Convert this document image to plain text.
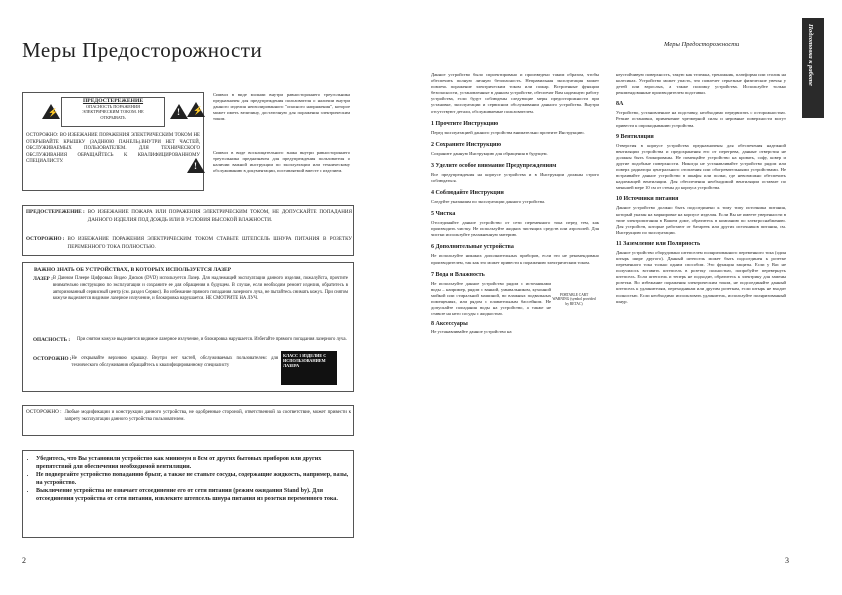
Меры Предосторожности	Меры Предосторожности	Подготовка к работе
⚡	!

ПРЕДОСТЕРЕЖЕНИЕ

ОПАСНОСТЬ ПОРАЖЕНИЯ ЭЛЕКТРИЧЕСКИМ ТОКОМ. НЕ ОТКРЫВАТЬ

ОСТОРОЖНО: ВО ИЗБЕЖАНИЕ ПОРАЖЕНИЯ ЭЛЕКТРИЧЕСКИМ ТОКОМ НЕ ОТКРЫВАЙТЕ КРЫШКУ (ЗАДНЮЮ ПАНЕЛЬ).ВНУТРИ НЕТ ЧАСТЕЙ, ОБСЛУЖИВАЕМЫХ ПОЛЬЗОВАТЕЛЕМ. ДЛЯ ТЕХНИЧЕСКОГО ОБСЛУЖИВАНИЯ ОБРАЩАЙТЕСЬ К КВАЛИФИЦИРОВАННОМУ СПЕЦИАЛИСТУ.

⚡

Символ в виде молнии внутри равностороннего треугольника предназначен для предупреждения пользователя о наличии внутри данного изделия неизолированного "опасного напряжения", которое может иметь величину, достаточную для поражения электрическим током.

!

Символ в виде восклицательного знака внутри равностороннего треугольника предназначен для предупреждения пользователя о наличии важной инструкции по эксплуатации или техническому обслуживанию в документации, поставляемой вместе с изделием.

ПРЕДОСТЕРЕЖЕНИЕ : ВО ИЗБЕЖАНИЕ ПОЖАРА ИЛИ ПОРАЖЕНИЯ ЭЛЕКТРИЧЕСКИМ ТОКОМ, НЕ ДОПУСКАЙТЕ ПОПАДАНИЯ ДАННОГО ИЗДЕЛИЯ ПОД ДОЖДЬ ИЛИ В УСЛОВИЯ ВЫСОКОЙ ВЛАЖНОСТИ.

ОСТОРОЖНО : ВО ИЗБЕЖАНИЕ ПОРАЖЕНИЯ ЭЛЕКТРИЧЕСКИМ ТОКОМ СТАВЬТЕ ШТЕПСЕЛЬ ШНУРА ПИТАНИЯ В РОЗЕТКУ ПЕРЕМЕННОГО ТОКА ПОЛНОСТЬЮ.

ВАЖНО ЗНАТЬ ОБ УСТРОЙСТВАХ, В КОТОРЫХ ИСПОЛЬЗУЕТСЯ ЛАЗЕР

ЛАЗЕР : В Данном Плеере Цифровых Видео Дисков (DVD) используется Лазер. Для надлежащей эксплуатации данного изделия, пожалуйста, прочтите внимательно инструкцию по эксплуатации и сохраните ее для обращения в будущем. В случае, если необходим ремонт изделия, обратитесь в авторизованный сервисный центр (см. раздел Сервис). Во избежание прямого попадания лазерного луча, не пытайтесь снимать кожух. При снятом кожухе выделяется видимое лазерное излучение, и блокировка нарушается. НЕ СМОТРИТЕ НА ЛУЧ.

ОПАСНОСТЬ :	При снятом кожухе выделяется видимое лазерное излучение, и блокировка нарушается. Избегайте прямого попадания лазерного луча.

ОСТОРОЖНО : Не открывайте верхнюю крышку. Внутри нет частей, обслуживаемых пользователем: для технического обслуживания обращайтесь к квалифицированному специалисту

КЛАСС 1 ИЗДЕЛИЕ С ИСПОЛЬЗОВАНИЕМ ЛАЗЕРА
ОСТОРОЖНО : Любые модификации и конструкции данного устройства, не одобренные стороной, ответственной за соответствие, может привести к запрету эксплуатации данного устройства пользователем.

• Убедитесь, что Вы установили устройство как минимум в 8см от других бытовых приборов или других препятствий для обеспечения необходимой вентиляции.
• Не подвергайте устройство попаданию брызг, а также не ставьте сосуды, содержащие жидкость, например, вазы, на устройство.
• Выключение устройства не означает отсоединение его от сети питания (режим ожидания Stand by). Для отсоединения устройства от сети питания, извлеките штепсель шнура питания из розетки переменного тока.
2	3

Данное устройство было спроектировано и произведено таким образом, чтобы обеспечить полную личную безопасность. Неправильная эксплуатация может повлечь поражение электрическим током или пожар. Встроенные функции безопасности, установленные в данном устройстве, обеспечат Вам надежную работу устройства, если будут соблюдены следующие меры предосторожности при установке, эксплуатации и сервисном обслуживании данного устройства. Внутри отсутствуют детали, обслуживаемые пользователем.

1 Прочтите Инструкцию

Перед эксплуатацией данного устройства внимательно прочтите Инструкцию.

2 Сохраните Инструкцию

Сохраните данную Инструкцию для обращения в будущем.

3 Уделите особое внимание Предупреждениям

Все предупреждения на корпусе устройства и в Инструкции должны строго соблюдаться.

4 Соблюдайте Инструкции

Следуйте указаниям по эксплуатации данного устройства.

5 Чистка

Отсоединяйте данное устройство от сети переменного тока перед тем, как производить чистку. Не используйте жидких чистящих средств или аэрозолей. Для чистки используйте увлажненную материю.

6 Дополнительные устройства

Не используйте никаких дополнительных приборов, если это не рекомендовано производителем, так как это может привести к поражению электрическим током.

7 Вода и Влажность

Не используйте данное устройство рядом с источниками воды – например, рядом с ванной, умывальником, кухонной мойкой или стиральной машиной, во влажных подвальных помещениях, или рядом с плавательным бассейном. Не допускайте попадания воды на устройство, а также не ставьте на него сосуды с жидкостью.

PORTABLE CART WARNING (symbol provided by RETAC)

8 Аксессуары

Не устанавливайте данное устройство на

неустойчивую поверхность, такую как тележка, треножник, платформа или столик на колесиках. Устройство может упасть, что повлечет серьезные физические увечья у детей или взрослых, а также поломку устройства. Используйте только рекомендованные производителем подставки.

8A

Устройство, установленное на подставку, необходимо передвигать с осторожностью. Резкие остановки, применение чрезмерной силы и неровные поверхности могут привести к опрокидыванию устройства.

9 Вентиляция

Отверстия в корпусе устройства предназначены для обеспечения надежной вентиляции устройства и предохранения его от перегрева, данные отверстия не должны быть блокированы. Не помещайте устройство на кровать, софу, ковер и другие подобные поверхности. Никогда не устанавливайте устройство рядом или поверх радиатора центрального отопления или обогревательными устройствами. Не встраивайте данное устройство в шкафы или полки, где невозможно обеспечить надлежащей вентиляции. Для обеспечения необходимой вентиляции оставьте по меньшей мере 10 см от стены до корпуса устройства.

10 Источники питания

Данное устройство должно быть подсоединено к тому типу источника питания, который указан на маркировке на корпусе изделия. Если Вы не имеете уверенности в типе электропитания в Вашем доме, обратитесь в компанию по электроснабжению. Для устройств, которые работают от батареек или других источников питания, см. Инструкцию по эксплуатации.

11 Заземление или Полярность

Данное устройство оборудовано штепселем поляризованного переменного тока (один штырь шире другого). Данный штепсель может быть подсоединен к розетке переменного тока только одним способом. Это функция защиты. Если у Вас не получилось вставить штепсель в розетку полностью, попробуйте перевернуть штепсель. Если штепсель и теперь не подходит, обратитесь к электрику для замены розетки. Во избежание поражения электрическим током, не подсоединяйте данный штепсель к удлинителям, переходникам или другим розеткам, если штырь не входит полностью. Если необходимо использовать удлинитель, используйте поляризованный шнур.
